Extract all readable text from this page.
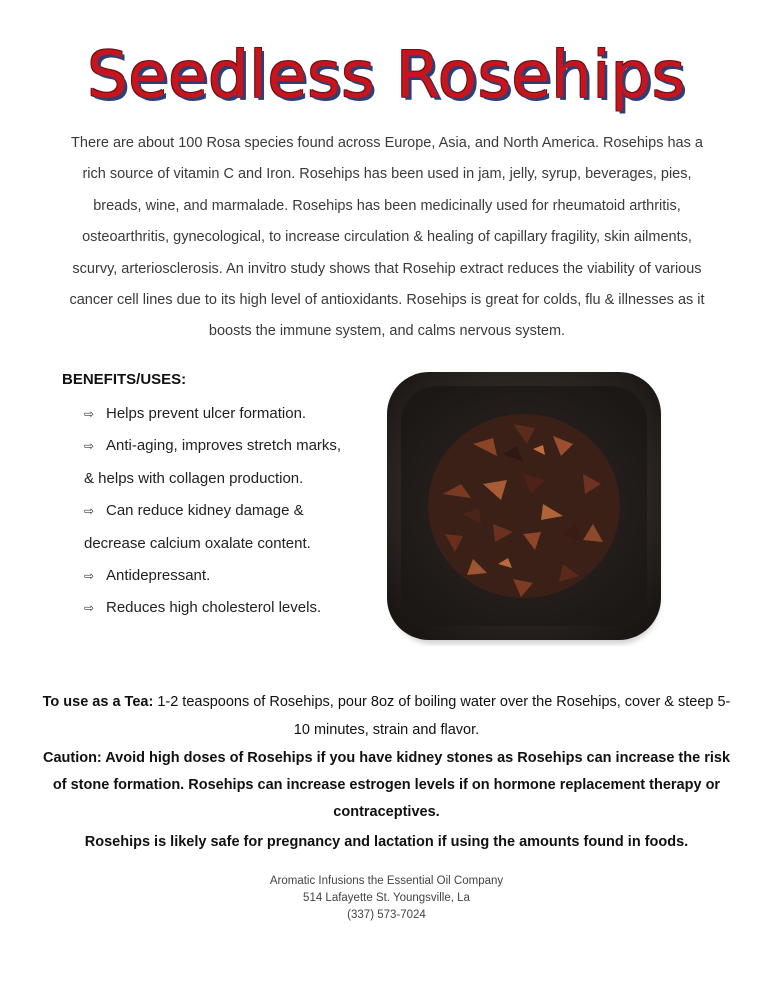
Seedless Rosehips
There are about 100 Rosa species found across Europe, Asia, and North America. Rosehips has a rich source of vitamin C and Iron. Rosehips has been used in jam, jelly, syrup, beverages, pies, breads, wine, and marmalade. Rosehips has been medicinally used for rheumatoid arthritis, osteoarthritis, gynecological, to increase circulation & healing of capillary fragility, skin ailments, scurvy, arteriosclerosis. An invitro study shows that Rosehip extract reduces the viability of various cancer cell lines due to its high level of antioxidants. Rosehips is great for colds, flu & illnesses as it boosts the immune system, and calms nervous system.
BENEFITS/USES:
⇨ Helps prevent ulcer formation.
⇨ Anti-aging, improves stretch marks, & helps with collagen production.
⇨ Can reduce kidney damage & decrease calcium oxalate content.
⇨ Antidepressant.
⇨ Reduces high cholesterol levels.
To use as a Tea: 1-2 teaspoons of Rosehips, pour 8oz of boiling water over the Rosehips, cover & steep 5-10 minutes, strain and flavor.
Caution: Avoid high doses of Rosehips if you have kidney stones as Rosehips can increase the risk of stone formation. Rosehips can increase estrogen levels if on hormone replacement therapy or contraceptives.
Rosehips is likely safe for pregnancy and lactation if using the amounts found in foods.
Aromatic Infusions the Essential Oil Company
514 Lafayette St. Youngsville, La
(337) 573-7024
